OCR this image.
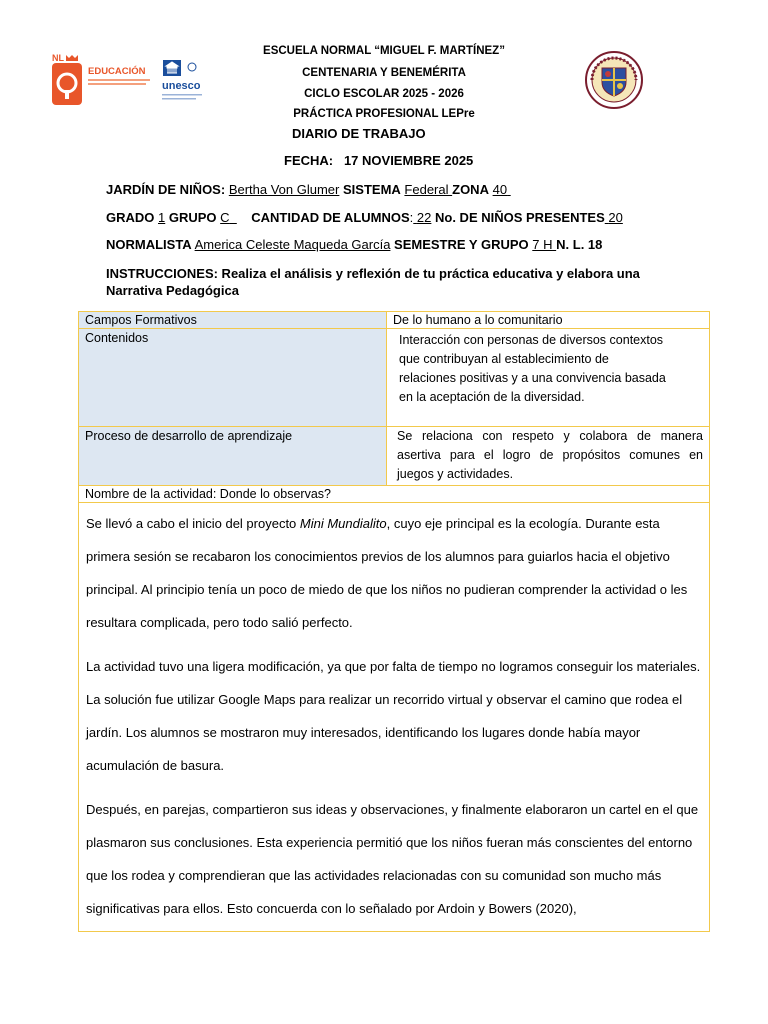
NL
EDUCACIÓN
unesco
ESCUELA NORMAL “MIGUEL F. MARTÍNEZ”
CENTENARIA Y BENEMÉRITA
CICLO ESCOLAR 2025 - 2026
PRÁCTICA PROFESIONAL LEPre
DIARIO DE TRABAJO
FECHA: 17 NOVIEMBRE 2025
JARDÍN DE NIÑOS: Bertha Von Glumer SISTEMA Federal ZONA 40
GRADO 1 GRUPO C CANTIDAD DE ALUMNOS: 22 No. DE NIÑOS PRESENTES 20
NORMALISTA America Celeste Maqueda García SEMESTRE Y GRUPO 7 H N. L. 18
INSTRUCCIONES: Realiza el análisis y reflexión de tu práctica educativa y elabora una Narrativa Pedagógica
Campos Formativos	De lo humano a lo comunitario
Contenidos	Interacción con personas de diversos contextos que contribuyan al establecimiento de relaciones positivas y a una convivencia basada en la aceptación de la diversidad.
Proceso de desarrollo de aprendizaje	Se relaciona con respeto y colabora de manera asertiva para el logro de propósitos comunes en juegos y actividades.
Nombre de la actividad: Donde lo observas?

Se llevó a cabo el inicio del proyecto Mini Mundialito, cuyo eje principal es la ecología. Durante esta primera sesión se recabaron los conocimientos previos de los alumnos para guiarlos hacia el objetivo principal. Al principio tenía un poco de miedo de que los niños no pudieran comprender la actividad o les resultara complicada, pero todo salió perfecto.

La actividad tuvo una ligera modificación, ya que por falta de tiempo no logramos conseguir los materiales. La solución fue utilizar Google Maps para realizar un recorrido virtual y observar el camino que rodea el jardín. Los alumnos se mostraron muy interesados, identificando los lugares donde había mayor acumulación de basura.

Después, en parejas, compartieron sus ideas y observaciones, y finalmente elaboraron un cartel en el que plasmaron sus conclusiones. Esta experiencia permitió que los niños fueran más conscientes del entorno que los rodea y comprendieran que las actividades relacionadas con su comunidad son mucho más significativas para ellos. Esto concuerda con lo señalado por Ardoin y Bowers (2020),
